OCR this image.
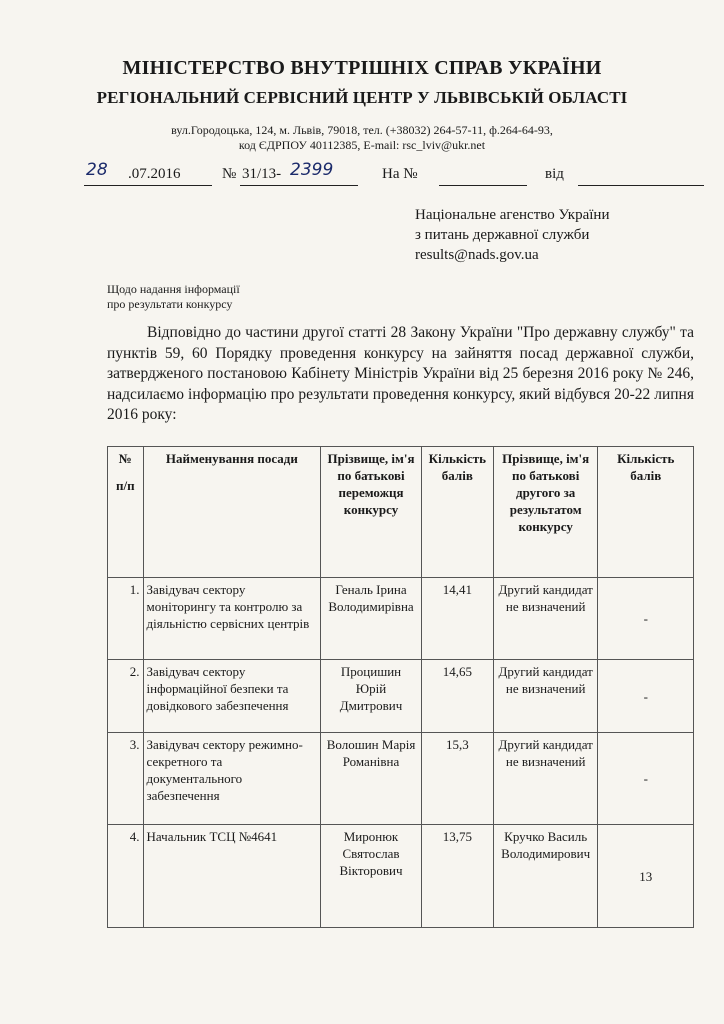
МІНІСТЕРСТВО ВНУТРІШНІХ СПРАВ УКРАЇНИ
РЕГІОНАЛЬНИЙ СЕРВІСНИЙ ЦЕНТР У ЛЬВІВСЬКІЙ ОБЛАСТІ
вул.Городоцька, 124, м. Львів, 79018, тел. (+38032) 264-57-11, ф.264-64-93,
код ЄДРПОУ 40112385, E-mail: rsc_lviv@ukr.net
28 .07.2016	№ 31/13- 2399	На №	від
Національне агенство України
з питань державної служби
results@nads.gov.ua
Щодо надання інформації
про результати конкурсу
Відповідно до частини другої статті 28 Закону України "Про державну службу" та пунктів 59, 60 Порядку проведення конкурсу на зайняття посад державної служби, затвердженого постановою Кабінету Міністрів України від 25 березня 2016 року № 246, надсилаємо інформацію про результати проведення конкурсу, який відбувся 20-22 липня 2016 року:
№
п/п	Найменування посади	Прізвище, ім'я по батькові переможця конкурсу	Кількість балів	Прізвище, ім'я по батькові другого за результатом конкурсу	Кількість балів
1.	Завідувач сектору моніторингу та контролю за діяльністю сервісних центрів	Геналь Ірина Володимирівна	14,41	Другий кандидат не визначений	-
2.	Завідувач сектору інформаційної безпеки та довідкового забезпечення	Процишин Юрій Дмитрович	14,65	Другий кандидат не визначений	-
3.	Завідувач сектору режимно-секретного та документального забезпечення	Волошин Марія Романівна	15,3	Другий кандидат не визначений	-
4.	Начальник ТСЦ №4641	Миронюк Святослав Вікторович	13,75	Кручко Василь Володимирович	13
